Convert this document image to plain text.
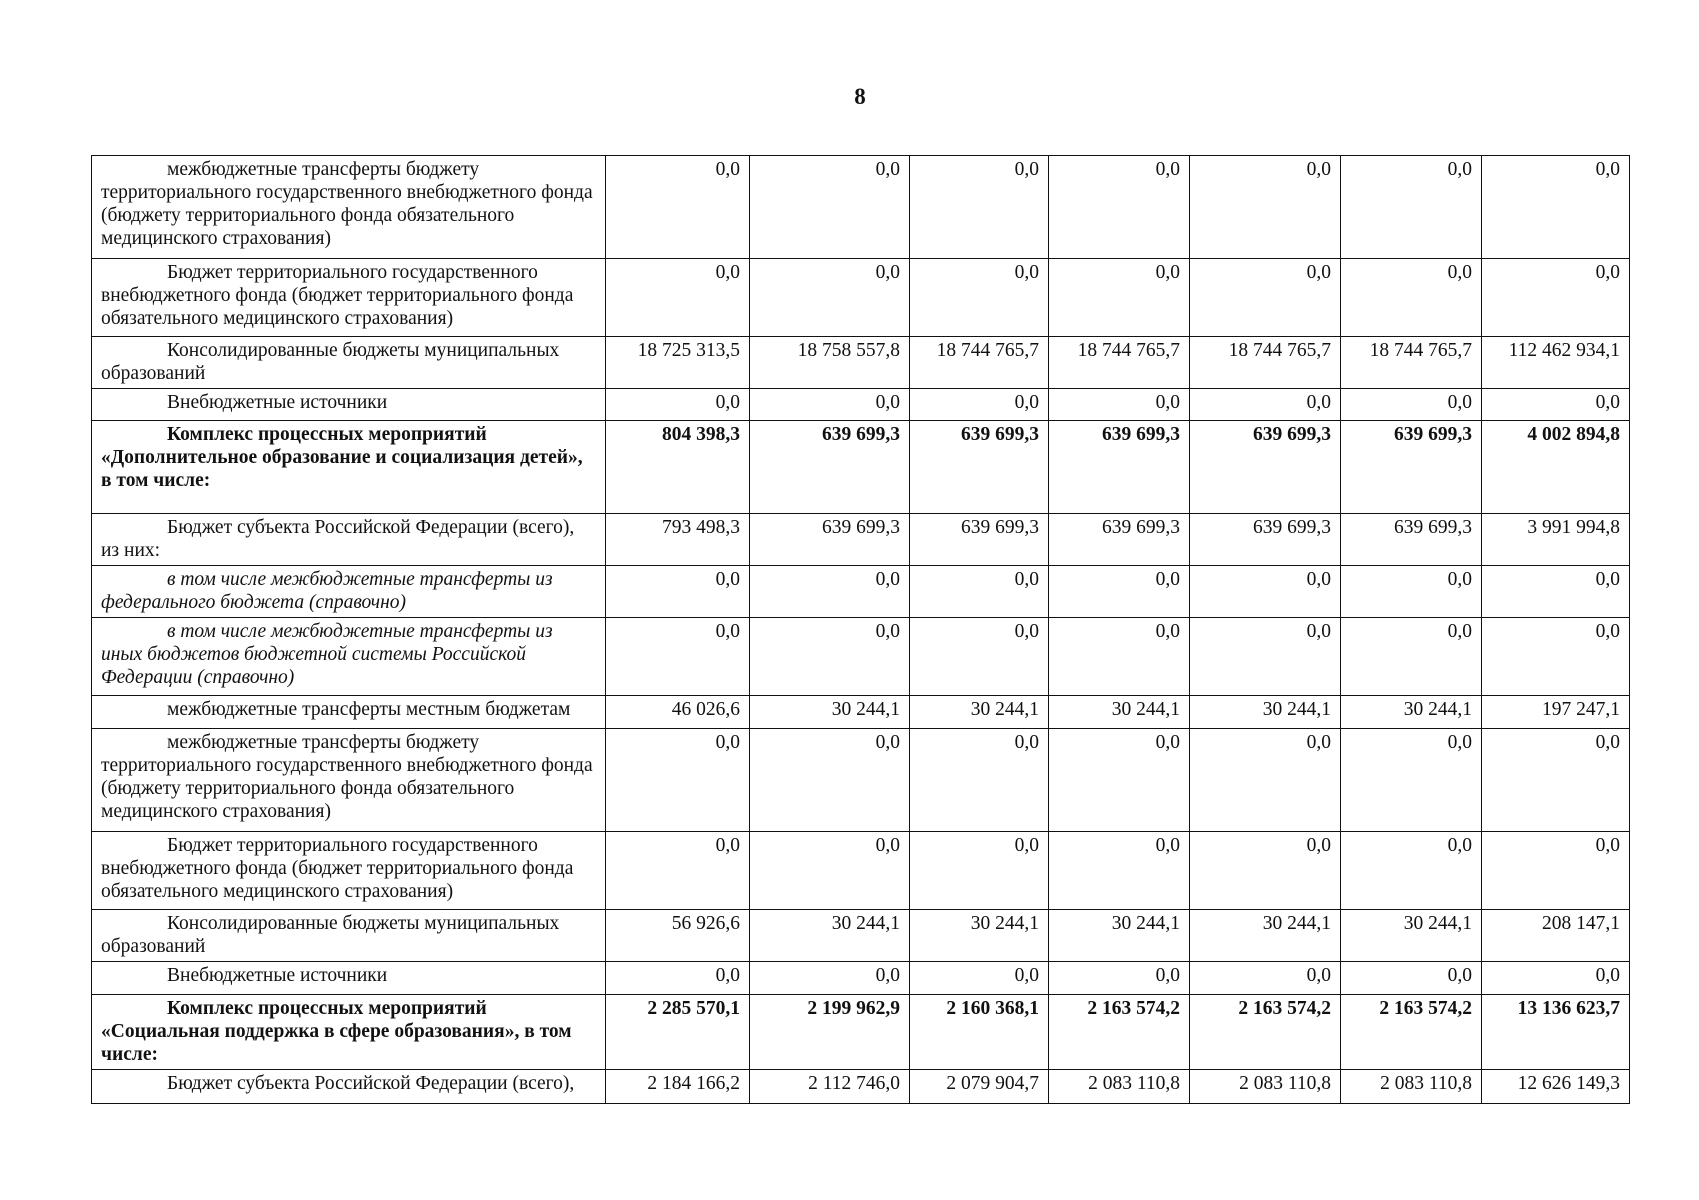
8
межбюджетные трансферты бюджету территориального государственного внебюджетного фонда (бюджету территориального фонда обязательного медицинского страхования)	0,0	0,0	0,0	0,0	0,0	0,0	0,0
Бюджет территориального государственного внебюджетного фонда (бюджет территориального фонда обязательного медицинского страхования)	0,0	0,0	0,0	0,0	0,0	0,0	0,0
Консолидированные бюджеты муниципальных образований	18 725 313,5	18 758 557,8	18 744 765,7	18 744 765,7	18 744 765,7	18 744 765,7	112 462 934,1
Внебюджетные источники	0,0	0,0	0,0	0,0	0,0	0,0	0,0
Комплекс процессных мероприятий «Дополнительное образование и социализация детей», в том числе:	804 398,3	639 699,3	639 699,3	639 699,3	639 699,3	639 699,3	4 002 894,8
Бюджет субъекта Российской Федерации (всего), из них:	793 498,3	639 699,3	639 699,3	639 699,3	639 699,3	639 699,3	3 991 994,8
в том числе межбюджетные трансферты из федерального бюджета (справочно)	0,0	0,0	0,0	0,0	0,0	0,0	0,0
в том числе межбюджетные трансферты из иных бюджетов бюджетной системы Российской Федерации (справочно)	0,0	0,0	0,0	0,0	0,0	0,0	0,0
межбюджетные трансферты местным бюджетам	46 026,6	30 244,1	30 244,1	30 244,1	30 244,1	30 244,1	197 247,1
межбюджетные трансферты бюджету территориального государственного внебюджетного фонда (бюджету территориального фонда обязательного медицинского страхования)	0,0	0,0	0,0	0,0	0,0	0,0	0,0
Бюджет территориального государственного внебюджетного фонда (бюджет территориального фонда обязательного медицинского страхования)	0,0	0,0	0,0	0,0	0,0	0,0	0,0
Консолидированные бюджеты муниципальных образований	56 926,6	30 244,1	30 244,1	30 244,1	30 244,1	30 244,1	208 147,1
Внебюджетные источники	0,0	0,0	0,0	0,0	0,0	0,0	0,0
Комплекс процессных мероприятий «Социальная поддержка в сфере образования», в том числе:	2 285 570,1	2 199 962,9	2 160 368,1	2 163 574,2	2 163 574,2	2 163 574,2	13 136 623,7
Бюджет субъекта Российской Федерации (всего),	2 184 166,2	2 112 746,0	2 079 904,7	2 083 110,8	2 083 110,8	2 083 110,8	12 626 149,3
